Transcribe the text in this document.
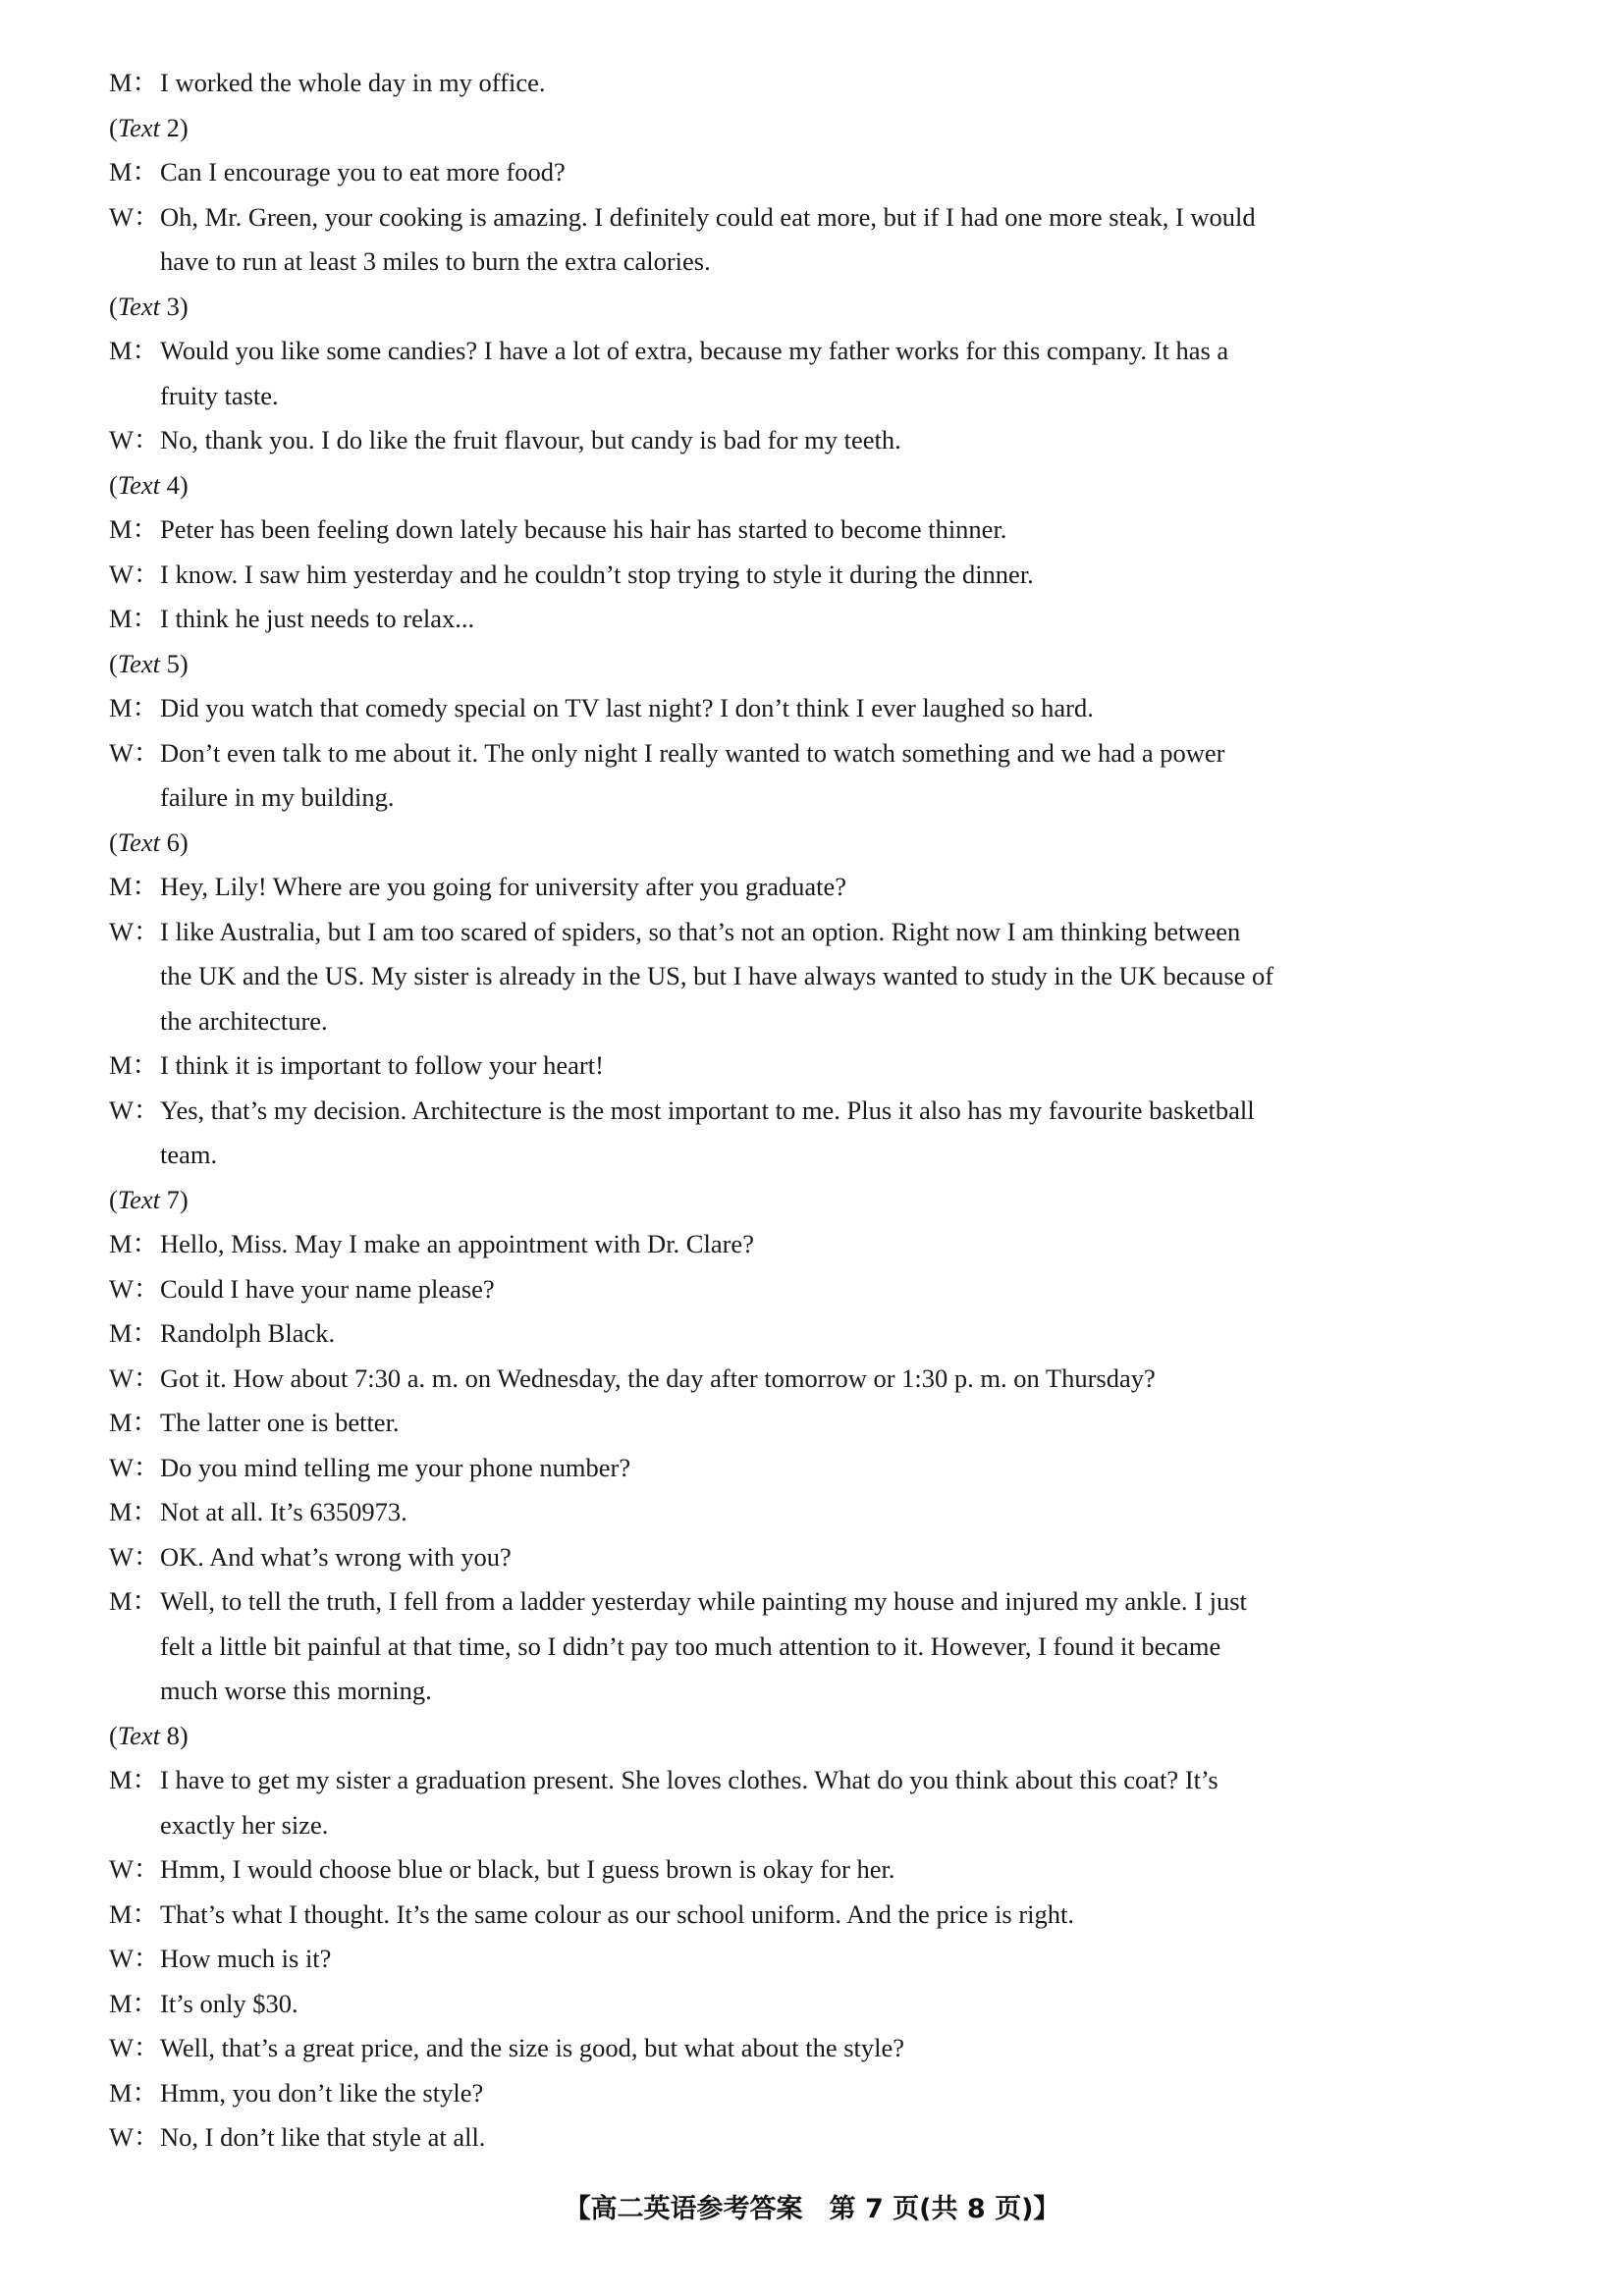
M： I worked the whole day in my office.
(Text 2)
M： Can I encourage you to eat more food?
W： Oh, Mr. Green, your cooking is amazing. I definitely could eat more, but if I had one more steak, I would
have to run at least 3 miles to burn the extra calories.
(Text 3)
M： Would you like some candies? I have a lot of extra, because my father works for this company. It has a
fruity taste.
W： No, thank you. I do like the fruit flavour, but candy is bad for my teeth.
(Text 4)
M： Peter has been feeling down lately because his hair has started to become thinner.
W： I know. I saw him yesterday and he couldn’t stop trying to style it during the dinner.
M： I think he just needs to relax...
(Text 5)
M： Did you watch that comedy special on TV last night? I don’t think I ever laughed so hard.
W： Don’t even talk to me about it. The only night I really wanted to watch something and we had a power
failure in my building.
(Text 6)
M： Hey, Lily! Where are you going for university after you graduate?
W： I like Australia, but I am too scared of spiders, so that’s not an option. Right now I am thinking between
the UK and the US. My sister is already in the US, but I have always wanted to study in the UK because of
the architecture.
M： I think it is important to follow your heart!
W： Yes, that’s my decision. Architecture is the most important to me. Plus it also has my favourite basketball
team.
(Text 7)
M： Hello, Miss. May I make an appointment with Dr. Clare?
W： Could I have your name please?
M： Randolph Black.
W： Got it. How about 7:30 a. m. on Wednesday, the day after tomorrow or 1:30 p. m. on Thursday?
M： The latter one is better.
W： Do you mind telling me your phone number?
M： Not at all. It’s 6350973.
W： OK. And what’s wrong with you?
M： Well, to tell the truth, I fell from a ladder yesterday while painting my house and injured my ankle. I just
felt a little bit painful at that time, so I didn’t pay too much attention to it. However, I found it became
much worse this morning.
(Text 8)
M： I have to get my sister a graduation present. She loves clothes. What do you think about this coat? It’s
exactly her size.
W： Hmm, I would choose blue or black, but I guess brown is okay for her.
M： That’s what I thought. It’s the same colour as our school uniform. And the price is right.
W： How much is it?
M： It’s only $30.
W： Well, that’s a great price, and the size is good, but what about the style?
M： Hmm, you don’t like the style?
W： No, I don’t like that style at all.
【高二英语参考答案　第 7 页(共 8 页)】
